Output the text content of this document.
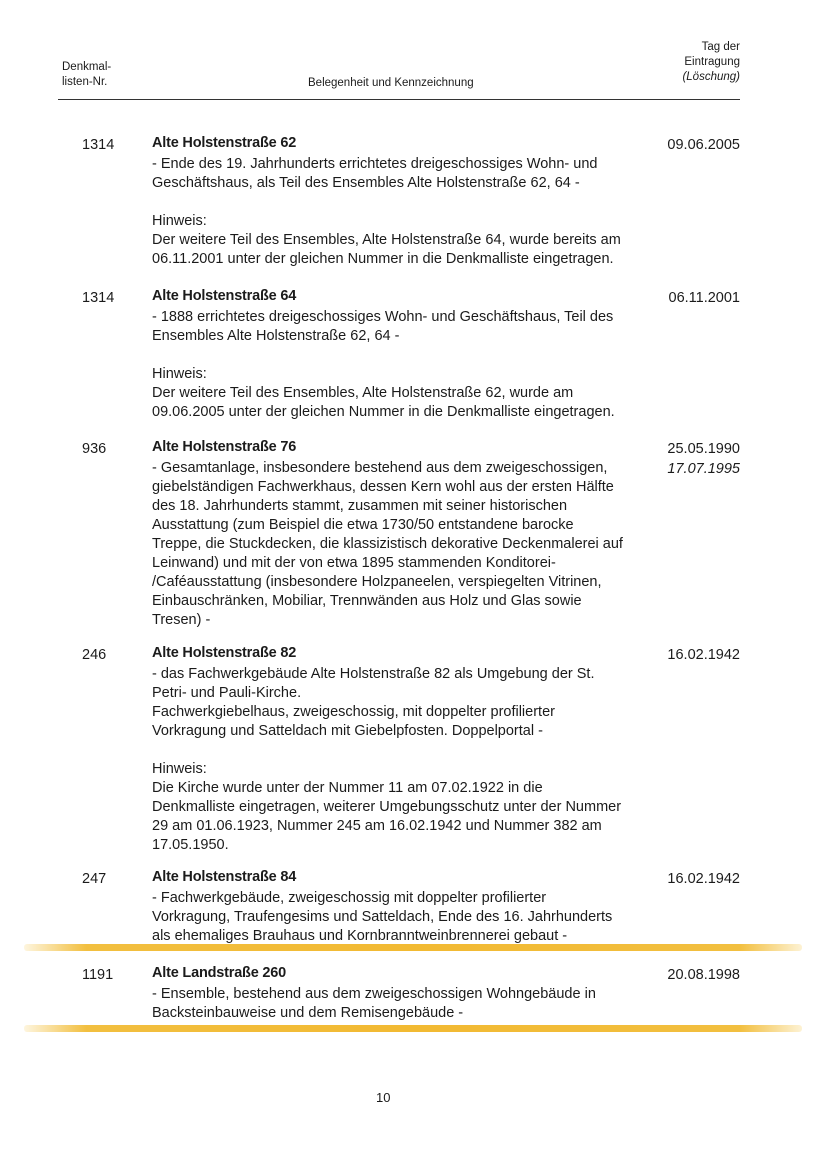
Denkmal-
listen-Nr.	Belegenheit und Kennzeichnung
Tag der
Eintragung
(Löschung)
1314	Alte Holstenstraße 62	09.06.2005

- Ende des 19. Jahrhunderts errichtetes dreigeschossiges Wohn- und
Geschäftshaus, als Teil des Ensembles Alte Holstenstraße 62, 64 -

Hinweis:

Der weitere Teil des Ensembles, Alte Holstenstraße 64, wurde bereits am
06.11.2001 unter der gleichen Nummer in die Denkmalliste eingetragen.

1314	Alte Holstenstraße 64	06.11.2001

- 1888 errichtetes dreigeschossiges Wohn- und Geschäftshaus, Teil des
Ensembles Alte Holstenstraße 62, 64 -

Hinweis:

Der weitere Teil des Ensembles, Alte Holstenstraße 62, wurde am
09.06.2005 unter der gleichen Nummer in die Denkmalliste eingetragen.

936	Alte Holstenstraße 76	25.05.1990
17.07.1995

- Gesamtanlage, insbesondere bestehend aus dem zweigeschossigen,
giebelständigen Fachwerkhaus, dessen Kern wohl aus der ersten Hälfte
des 18. Jahrhunderts stammt, zusammen mit seiner historischen
Ausstattung (zum Beispiel die etwa 1730/50 entstandene barocke
Treppe, die Stuckdecken, die klassizistisch dekorative Deckenmalerei auf
Leinwand) und mit der von etwa 1895 stammenden Konditorei-
/Caféausstattung (insbesondere Holzpaneelen, verspiegelten Vitrinen,
Einbauschränken, Mobiliar, Trennwänden aus Holz und Glas sowie
Tresen) -

246	Alte Holstenstraße 82	16.02.1942

- das Fachwerkgebäude Alte Holstenstraße 82 als Umgebung der St.
Petri- und Pauli-Kirche.
Fachwerkgiebelhaus, zweigeschossig, mit doppelter profilierter
Vorkragung und Satteldach mit Giebelpfosten. Doppelportal -

Hinweis:

Die Kirche wurde unter der Nummer 11 am 07.02.1922 in die
Denkmalliste eingetragen, weiterer Umgebungsschutz unter der Nummer
29 am 01.06.1923, Nummer 245 am 16.02.1942 und Nummer 382 am
17.05.1950.

247	Alte Holstenstraße 84	16.02.1942

- Fachwerkgebäude, zweigeschossig mit doppelter profilierter
Vorkragung, Traufengesims und Satteldach, Ende des 16. Jahrhunderts
als ehemaliges Brauhaus und Kornbranntweinbrennerei gebaut -

1191	Alte Landstraße 260	20.08.1998

- Ensemble, bestehend aus dem zweigeschossigen Wohngebäude in
Backsteinbauweise und dem Remisengebäude -

10
